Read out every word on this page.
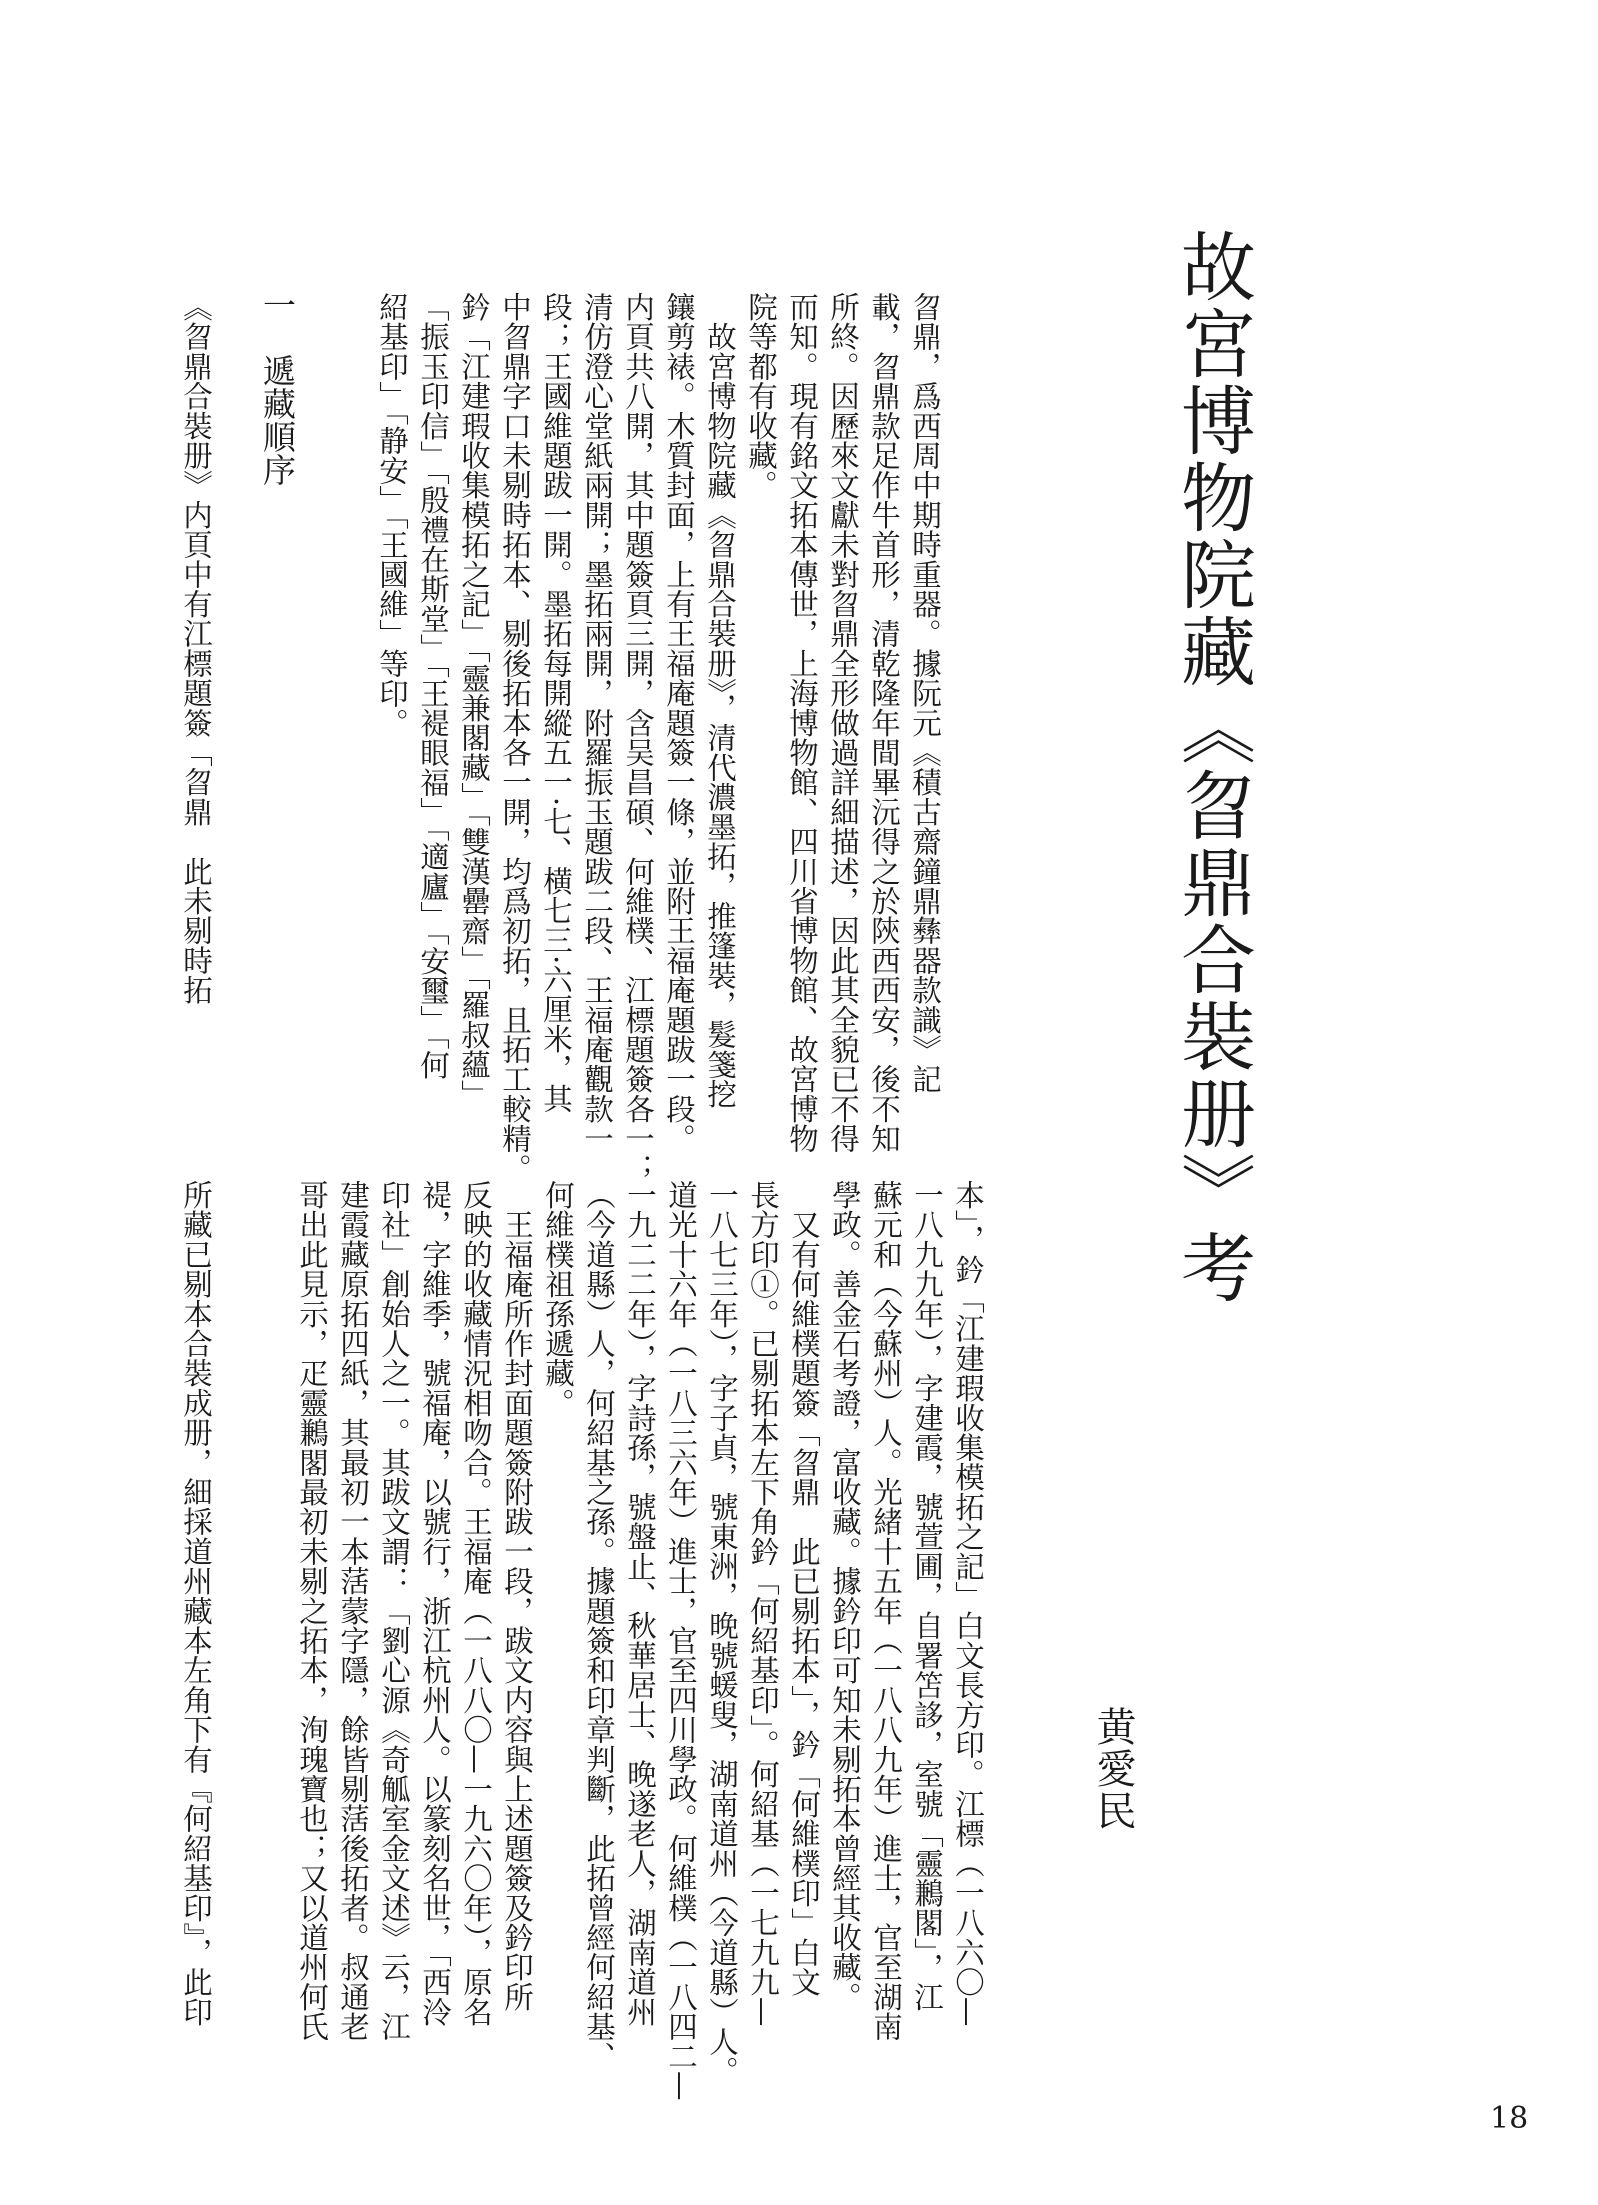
故宮博物院藏《曶鼎合裝册》考
黄愛民
曶鼎，爲西周中期時重器。據阮元《積古齋鐘鼎彝器款識》記
載，曶鼎款足作牛首形，清乾隆年間畢沅得之於陝西西安，後不知
所終。因歷來文獻未對曶鼎全形做過詳細描述，因此其全貌已不得
而知。現有銘文拓本傳世，上海博物館、四川省博物館、故宮博物
院等都有收藏。
　故宮博物院藏《曶鼎合裝册》，清代濃墨拓，推篷裝，髮箋挖
鑲剪裱。木質封面，上有王福庵題簽一條，並附王福庵題跋一段。
内頁共八開，其中題簽頁三開，含吴昌碩、何維樸、江標題簽各一；
清仿澄心堂紙兩開；墨拓兩開，附羅振玉題跋二段、王福庵觀款一
段；王國維題跋一開。墨拓每開縱五一·七、横七三·六厘米，其
中曶鼎字口未剔時拓本、剔後拓本各一開，均爲初拓，且拓工較精。
鈐「江建瑕收集模拓之記」「靈兼閣藏」「雙漢罍齋」「羅叔蘊」
「振玉印信」「殷禮在斯堂」「王褆眼福」「適廬」「安璽」「何
紹基印」「静安」「王國維」等印。
一　遞藏順序
《曶鼎合裝册》内頁中有江標題簽「曶鼎　此未剔時拓
本」，鈐「江建瑕收集模拓之記」白文長方印。江標（一八六〇—
一八九九年），字建霞，號萱圃，自署笘誃，室號「靈鶼閣」，江
蘇元和（今蘇州）人。光緒十五年（一八八九年）進士，官至湖南
學政。善金石考證，富收藏。據鈐印可知未剔拓本曾經其收藏。
　又有何維樸題簽「曶鼎　此已剔拓本」，鈐「何維樸印」白文
長方印①。已剔拓本左下角鈐「何紹基印」。何紹基（一七九九—
一八七三年），字子貞，號東洲，晚號蝯叟，湖南道州（今道縣）人。
道光十六年（一八三六年）進士，官至四川學政。何維樸（一八四二—
一九二二年），字詩孫，號盤止、秋華居士、晚遂老人，湖南道州
（今道縣）人，何紹基之孫。據題簽和印章判斷，此拓曾經何紹基、
何維樸祖孫遞藏。
　王福庵所作封面題簽附跋一段，跋文内容與上述題簽及鈐印所
反映的收藏情況相吻合。王福庵（一八八〇—一九六〇年），原名
禔，字維季，號福庵，以號行，浙江杭州人。以篆刻名世，「西泠
印社」創始人之一。其跋文謂：「劉心源《奇觚室金文述》云，江
建霞藏原拓四紙，其最初一本萿蒙字隱，餘皆剔萿後拓者。叔通老
哥出此見示，疋靈鶼閣最初未剔之拓本，洵瑰寶也；又以道州何氏
所藏已剔本合裝成册，細採道州藏本左角下有『何紹基印』，此印
18
